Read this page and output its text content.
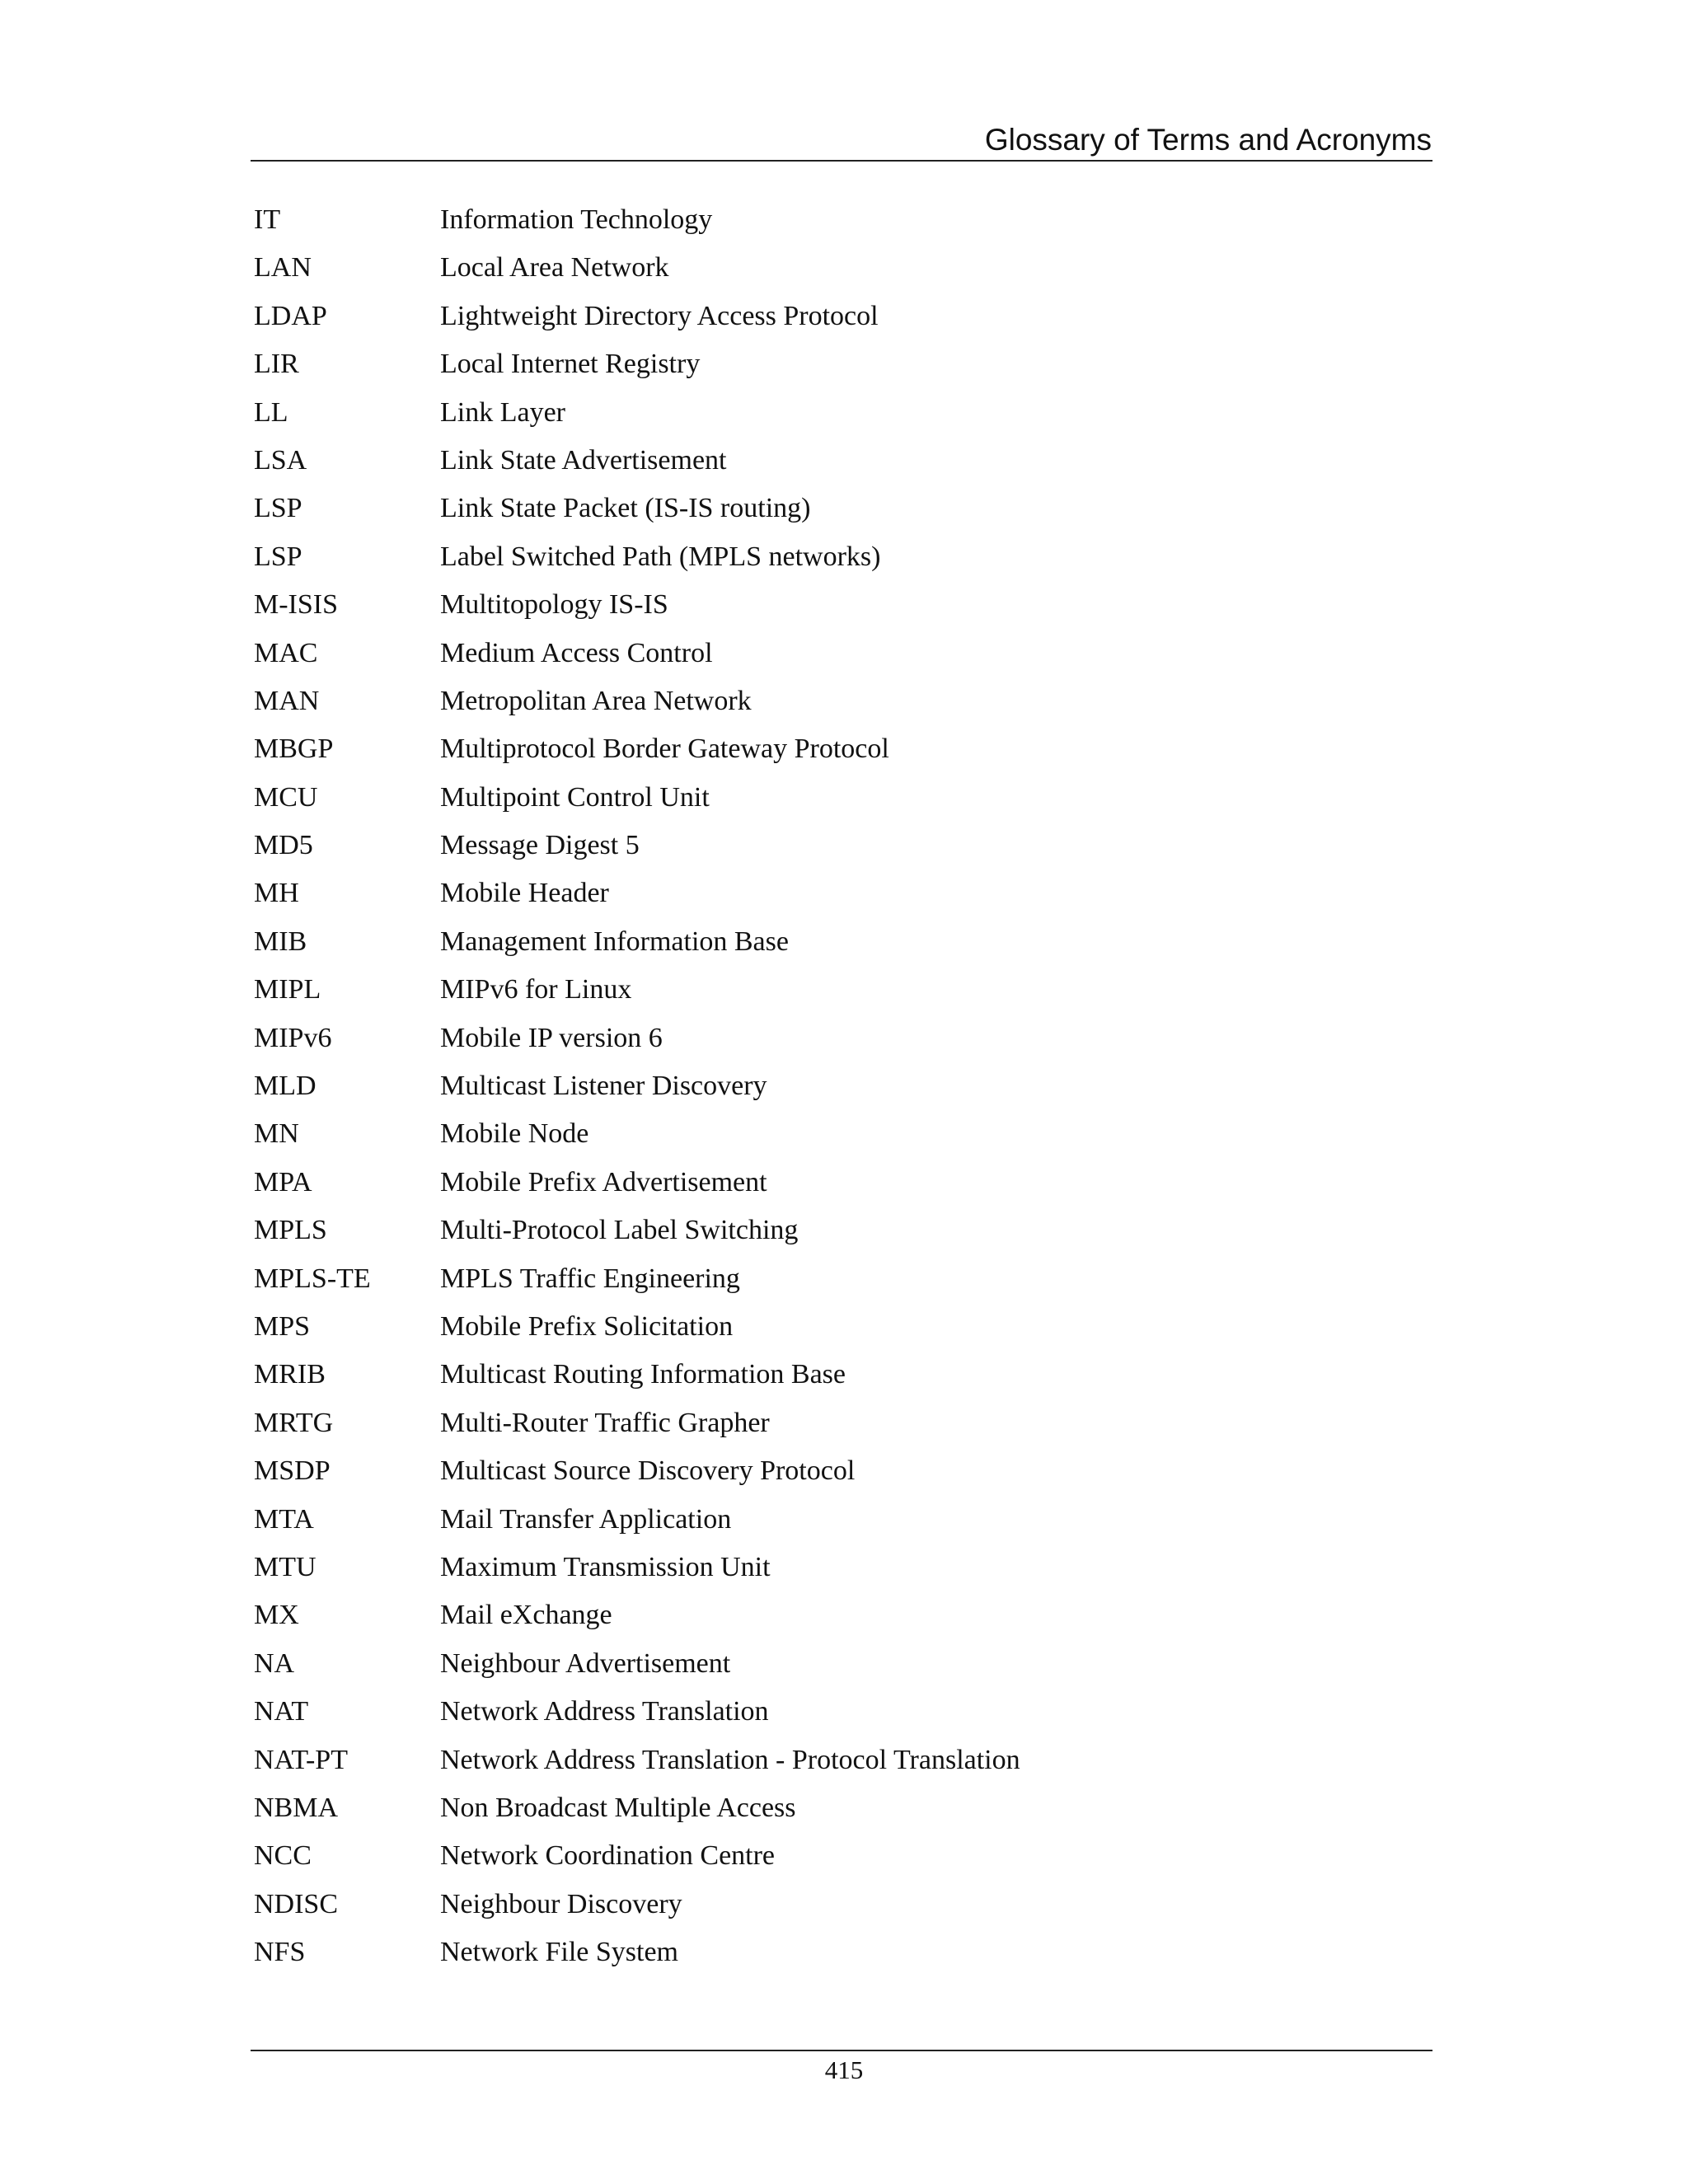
Glossary of Terms and Acronyms
IT	Information Technology
LAN	Local Area Network
LDAP	Lightweight Directory Access Protocol
LIR	Local Internet Registry
LL	Link Layer
LSA	Link State Advertisement
LSP	Link State Packet (IS-IS routing)
LSP	Label Switched Path (MPLS networks)
M-ISIS	Multitopology IS-IS
MAC	Medium Access Control
MAN	Metropolitan Area Network
MBGP	Multiprotocol Border Gateway Protocol
MCU	Multipoint Control Unit
MD5	Message Digest 5
MH	Mobile Header
MIB	Management Information Base
MIPL	MIPv6 for Linux
MIPv6	Mobile IP version 6
MLD	Multicast Listener Discovery
MN	Mobile Node
MPA	Mobile Prefix Advertisement
MPLS	Multi-Protocol Label Switching
MPLS-TE MPLS Traffic Engineering
MPS	Mobile Prefix Solicitation
MRIB	Multicast Routing Information Base
MRTG	Multi-Router Traffic Grapher
MSDP	Multicast Source Discovery Protocol
MTA	Mail Transfer Application
MTU	Maximum Transmission Unit
MX	Mail eXchange
NA	Neighbour Advertisement
NAT	Network Address Translation
NAT-PT	Network Address Translation - Protocol Translation
NBMA	Non Broadcast Multiple Access
NCC	Network Coordination Centre
NDISC	Neighbour Discovery
NFS	Network File System
415
